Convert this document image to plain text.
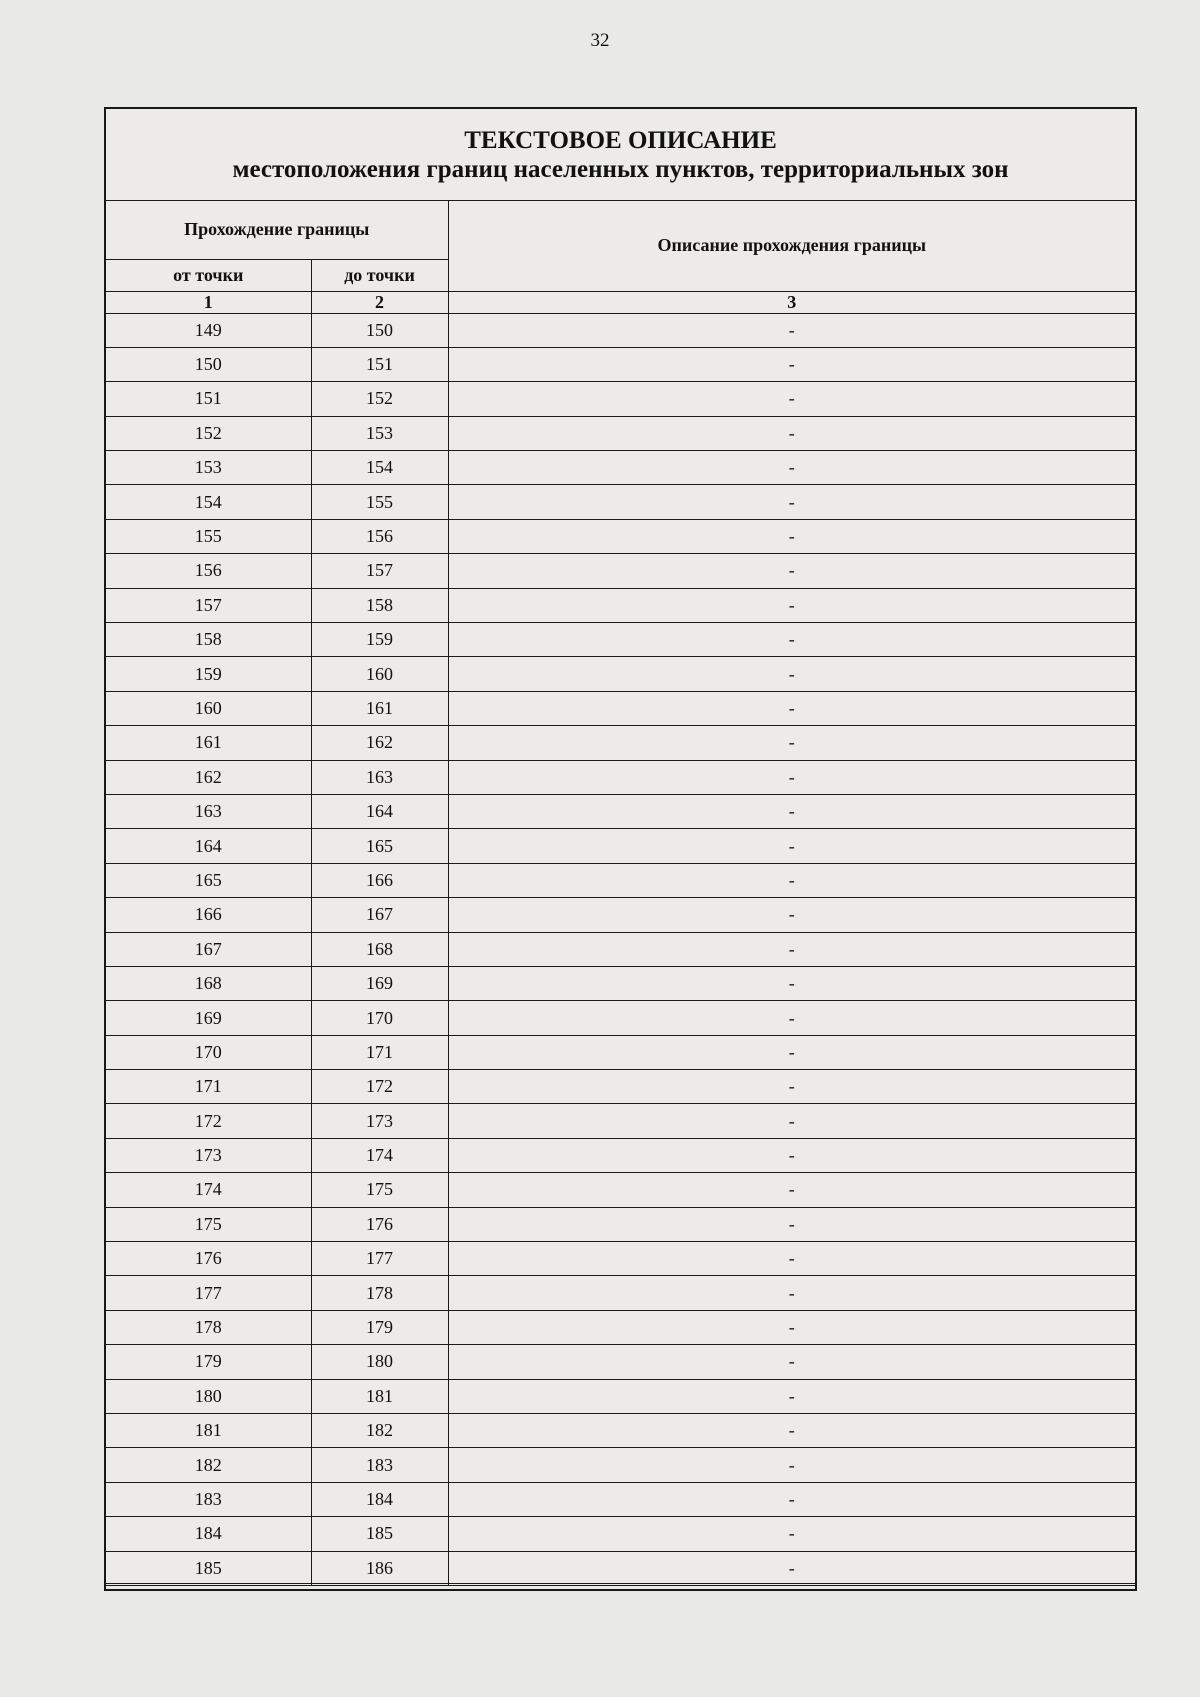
32
ТЕКСТОВОЕ ОПИСАНИЕ
местоположения границ населенных пунктов, территориальных зон
Прохождение границы		Описание прохождения границы
от точки	до точки	
1	2	3
149	150	-
150	151	-
151	152	-
152	153	-
153	154	-
154	155	-
155	156	-
156	157	-
157	158	-
158	159	-
159	160	-
160	161	-
161	162	-
162	163	-
163	164	-
164	165	-
165	166	-
166	167	-
167	168	-
168	169	-
169	170	-
170	171	-
171	172	-
172	173	-
173	174	-
174	175	-
175	176	-
176	177	-
177	178	-
178	179	-
179	180	-
180	181	-
181	182	-
182	183	-
183	184	-
184	185	-
185	186	-
